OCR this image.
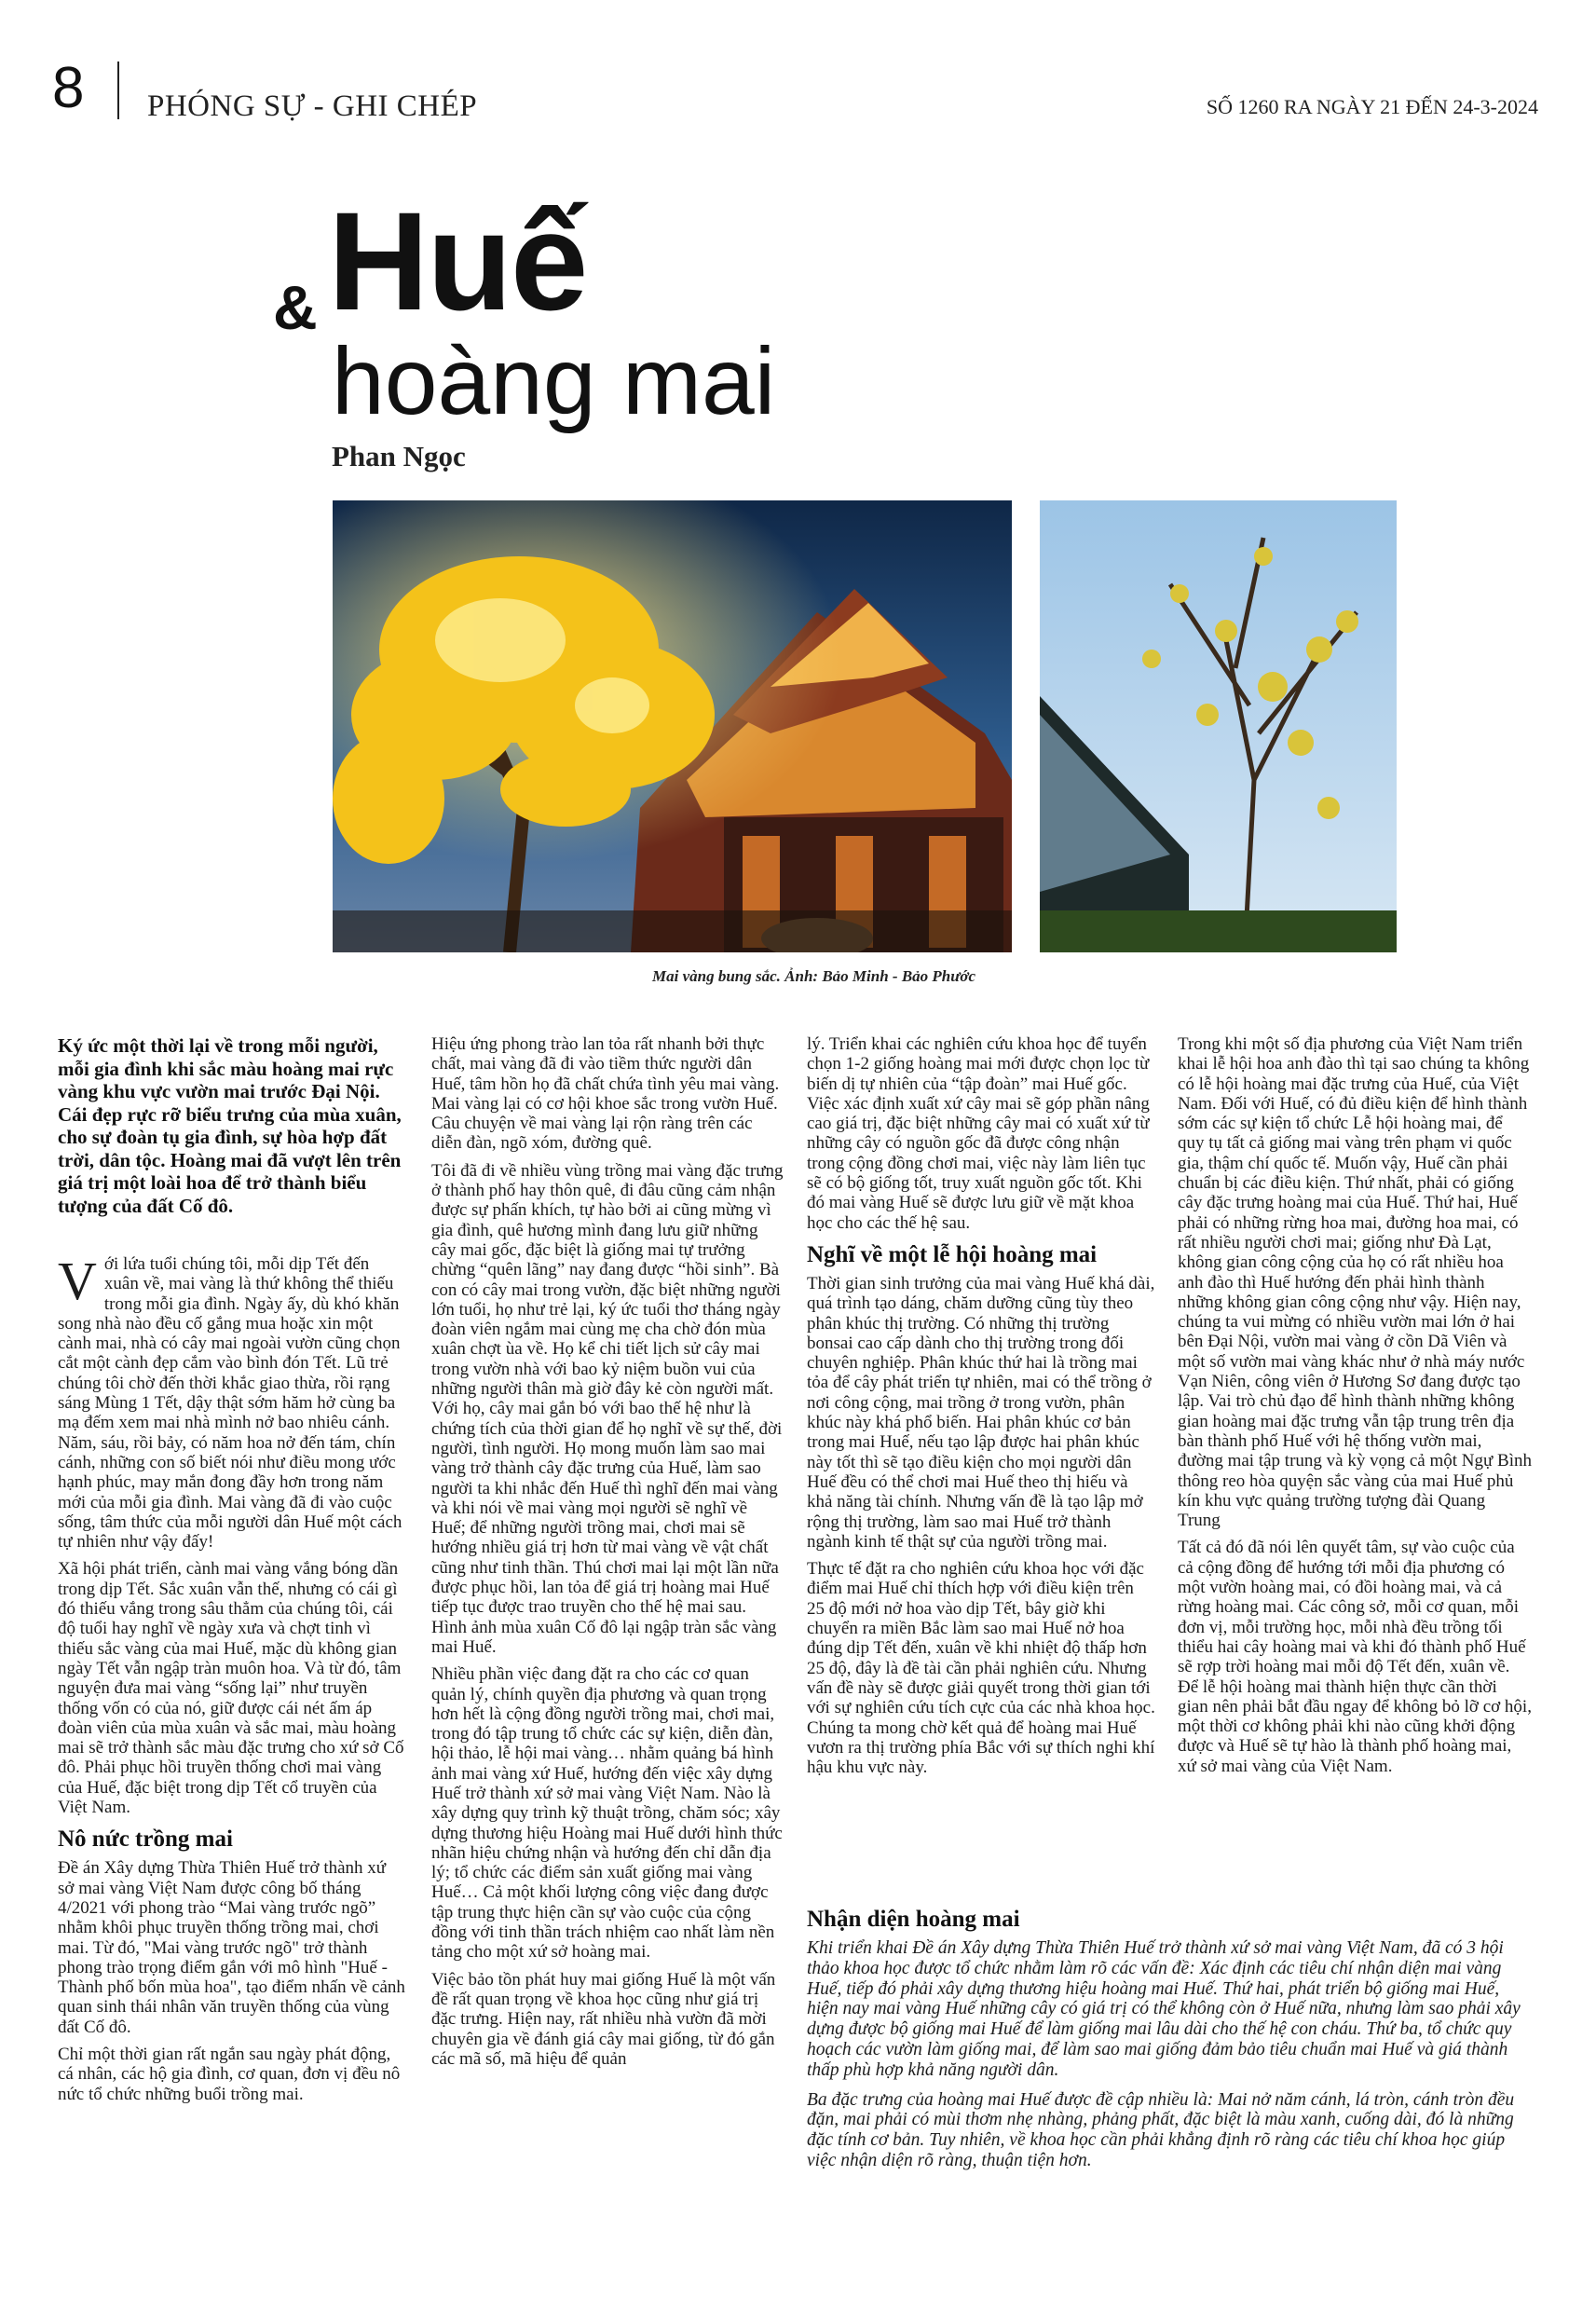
8 PHÓNG SỰ - GHI CHÉP	SỐ 1260 RA NGÀY 21 ĐẾN 24-3-2024
Huế
&
hoàng mai
Phan Ngọc
Mai vàng bung sắc. Ảnh: Bảo Minh - Bảo Phước

Ký ức một thời lại về trong mỗi người, mỗi gia đình khi sắc màu hoàng mai rực vàng khu vực vườn mai trước Đại Nội. Cái đẹp rực rỡ biểu trưng của mùa xuân, cho sự đoàn tụ gia đình, sự hòa hợp đất trời, dân tộc. Hoàng mai đã vượt lên trên giá trị một loài hoa để trở thành biểu tượng của đất Cố đô.

Với lứa tuổi chúng tôi, mỗi dịp Tết đến xuân về, mai vàng là thứ không thể thiếu trong mỗi gia đình. Ngày ấy, dù khó khăn song nhà nào đều cố gắng mua hoặc xin một cành mai, nhà có cây mai ngoài vườn cũng chọn cắt một cành đẹp cắm vào bình đón Tết. Lũ trẻ chúng tôi chờ đến thời khắc giao thừa, rồi rạng sáng Mùng 1 Tết, dậy thật sớm hăm hở cùng ba mạ đếm xem mai nhà mình nở bao nhiêu cánh. Năm, sáu, rồi bảy, có năm hoa nở đến tám, chín cánh, những con số biết nói như điều mong ước hạnh phúc, may mắn đong đầy hơn trong năm mới của mỗi gia đình. Mai vàng đã đi vào cuộc sống, tâm thức của mỗi người dân Huế một cách tự nhiên như vậy đấy!

Xã hội phát triển, cành mai vàng vắng bóng dần trong dịp Tết. Sắc xuân vẫn thế, nhưng có cái gì đó thiếu vắng trong sâu thẳm của chúng tôi, cái độ tuổi hay nghĩ về ngày xưa và chợt tinh vì thiếu sắc vàng của mai Huế, mặc dù không gian ngày Tết vẫn ngập tràn muôn hoa. Và từ đó, tâm nguyện đưa mai vàng “sống lại” như truyền thống vốn có của nó, giữ được cái nét ấm áp đoàn viên của mùa xuân và sắc mai, màu hoàng mai sẽ trở thành sắc màu đặc trưng cho xứ sở Cố đô. Phải phục hồi truyền thống chơi mai vàng của Huế, đặc biệt trong dịp Tết cổ truyền của Việt Nam.

Nô nức trồng mai

Đề án Xây dựng Thừa Thiên Huế trở thành xứ sở mai vàng Việt Nam được công bố tháng 4/2021 với phong trào “Mai vàng trước ngõ” nhằm khôi phục truyền thống trồng mai, chơi mai. Từ đó, "Mai vàng trước ngõ" trở thành phong trào trọng điểm gắn với mô hình "Huế - Thành phố bốn mùa hoa", tạo điểm nhấn về cảnh quan sinh thái nhân văn truyền thống của vùng đất Cố đô.

Chỉ một thời gian rất ngắn sau ngày phát động, cá nhân, các hộ gia đình, cơ quan, đơn vị đều nô nức tổ chức những buổi trồng mai.

Hiệu ứng phong trào lan tỏa rất nhanh bởi thực chất, mai vàng đã đi vào tiềm thức người dân Huế, tâm hồn họ đã chất chứa tình yêu mai vàng. Mai vàng lại có cơ hội khoe sắc trong vườn Huế. Câu chuyện về mai vàng lại rộn ràng trên các diễn đàn, ngõ xóm, đường quê.

Tôi đã đi về nhiều vùng trồng mai vàng đặc trưng ở thành phố hay thôn quê, đi đâu cũng cảm nhận được sự phấn khích, tự hào bởi ai cũng mừng vì gia đình, quê hương mình đang lưu giữ những cây mai gốc, đặc biệt là giống mai tự trưởng chừng “quên lãng” nay đang được “hồi sinh”. Bà con có cây mai trong vườn, đặc biệt những người lớn tuổi, họ như trẻ lại, ký ức tuổi thơ tháng ngày đoàn viên ngắm mai cùng mẹ cha chờ đón mùa xuân chợt ùa về. Họ kể chi tiết lịch sử cây mai trong vườn nhà với bao kỷ niệm buồn vui của những người thân mà giờ đây kẻ còn người mất. Với họ, cây mai gắn bó với bao thế hệ như là chứng tích của thời gian để họ nghĩ về sự thế, đời người, tình người. Họ mong muốn làm sao mai vàng trở thành cây đặc trưng của Huế, làm sao người ta khi nhắc đến Huế thì nghĩ đến mai vàng và khi nói về mai vàng mọi người sẽ nghĩ về Huế; để những người trồng mai, chơi mai sẽ hướng nhiều giá trị hơn từ mai vàng về vật chất cũng như tinh thần. Thú chơi mai lại một lần nữa được phục hồi, lan tỏa để giá trị hoàng mai Huế tiếp tục được trao truyền cho thế hệ mai sau. Hình ảnh mùa xuân Cố đô lại ngập tràn sắc vàng mai Huế.

Nhiều phần việc đang đặt ra cho các cơ quan quản lý, chính quyền địa phương và quan trọng hơn hết là cộng đồng người trồng mai, chơi mai, trong đó tập trung tổ chức các sự kiện, diễn đàn, hội thảo, lễ hội mai vàng… nhằm quảng bá hình ảnh mai vàng xứ Huế, hướng đến việc xây dựng Huế trở thành xứ sở mai vàng Việt Nam. Nào là xây dựng quy trình kỹ thuật trồng, chăm sóc; xây dựng thương hiệu Hoàng mai Huế dưới hình thức nhãn hiệu chứng nhận và hướng đến chỉ dẫn địa lý; tổ chức các điểm sản xuất giống mai vàng Huế… Cả một khối lượng công việc đang được tập trung thực hiện cần sự vào cuộc của cộng đồng với tinh thần trách nhiệm cao nhất làm nền tảng cho một xứ sở hoàng mai.

Việc bảo tồn phát huy mai giống Huế là một vấn đề rất quan trọng về khoa học cũng như giá trị đặc trưng. Hiện nay, rất nhiều nhà vườn đã mời chuyên gia về đánh giá cây mai giống, từ đó gắn các mã số, mã hiệu để quản

lý. Triển khai các nghiên cứu khoa học để tuyển chọn 1-2 giống hoàng mai mới được chọn lọc từ biến dị tự nhiên của “tập đoàn” mai Huế gốc. Việc xác định xuất xứ cây mai sẽ góp phần nâng cao giá trị, đặc biệt những cây mai có xuất xứ từ những cây có nguồn gốc đã được công nhận trong cộng đồng chơi mai, việc này làm liên tục sẽ có bộ giống tốt, truy xuất nguồn gốc tốt. Khi đó mai vàng Huế sẽ được lưu giữ về mặt khoa học cho các thế hệ sau.

Nghĩ về một lễ hội hoàng mai

Thời gian sinh trưởng của mai vàng Huế khá dài, quá trình tạo dáng, chăm dưỡng cũng tùy theo phân khúc thị trường. Có những thị trường bonsai cao cấp dành cho thị trường trong đối chuyên nghiệp. Phân khúc thứ hai là trồng mai tỏa để cây phát triển tự nhiên, mai có thể trồng ở nơi công cộng, mai trồng ở trong vườn, phân khúc này khá phổ biến. Hai phân khúc cơ bản trong mai Huế, nếu tạo lập được hai phân khúc này tốt thì sẽ tạo điều kiện cho mọi người dân Huế đều có thể chơi mai Huế theo thị hiếu và khả năng tài chính. Nhưng vấn đề là tạo lập mở rộng thị trường, làm sao mai Huế trở thành ngành kinh tế thật sự của người trồng mai.

Thực tế đặt ra cho nghiên cứu khoa học với đặc điểm mai Huế chỉ thích hợp với điều kiện trên 25 độ mới nở hoa vào dịp Tết, bây giờ khi chuyển ra miền Bắc làm sao mai Huế nở hoa đúng dịp Tết đến, xuân về khi nhiệt độ thấp hơn 25 độ, đây là đề tài cần phải nghiên cứu. Nhưng vấn đề này sẽ được giải quyết trong thời gian tới với sự nghiên cứu tích cực của các nhà khoa học. Chúng ta mong chờ kết quả để hoàng mai Huế vươn ra thị trường phía Bắc với sự thích nghi khí hậu khu vực này.

Trong khi một số địa phương của Việt Nam triển khai lễ hội hoa anh đào thì tại sao chúng ta không có lễ hội hoàng mai đặc trưng của Huế, của Việt Nam. Đối với Huế, có đủ điều kiện để hình thành sớm các sự kiện tổ chức Lễ hội hoàng mai, để quy tụ tất cả giống mai vàng trên phạm vi quốc gia, thậm chí quốc tế. Muốn vậy, Huế cần phải chuẩn bị các điều kiện. Thứ nhất, phải có giống cây đặc trưng hoàng mai của Huế. Thứ hai, Huế phải có những rừng hoa mai, đường hoa mai, có rất nhiều người chơi mai; giống như Đà Lạt, không gian công cộng của họ có rất nhiều hoa anh đào thì Huế hướng đến phải hình thành những không gian công cộng như vậy. Hiện nay, chúng ta vui mừng có nhiều vườn mai lớn ở hai bên Đại Nội, vườn mai vàng ở cồn Dã Viên và một số vườn mai vàng khác như ở nhà máy nước Vạn Niên, công viên ở Hương Sơ đang được tạo lập. Vai trò chủ đạo để hình thành những không gian hoàng mai đặc trưng vẫn tập trung trên địa bàn thành phố Huế với hệ thống vườn mai, đường mai tập trung và kỳ vọng cả một Ngự Bình thông reo hòa quyện sắc vàng của mai Huế phủ kín khu vực quảng trường tượng đài Quang Trung

Tất cả đó đã nói lên quyết tâm, sự vào cuộc của cả cộng đồng để hướng tới mỗi địa phương có một vườn hoàng mai, có đồi hoàng mai, và cả rừng hoàng mai. Các công sở, mỗi cơ quan, mỗi đơn vị, mỗi trường học, mỗi nhà đều trồng tối thiểu hai cây hoàng mai và khi đó thành phố Huế sẽ rợp trời hoàng mai mỗi độ Tết đến, xuân về. Để lễ hội hoàng mai thành hiện thực cần thời gian nên phải bắt đầu ngay để không bỏ lỡ cơ hội, một thời cơ không phải khi nào cũng khởi động được và Huế sẽ tự hào là thành phố hoàng mai, xứ sở mai vàng của Việt Nam.

Nhận diện hoàng mai

Khi triển khai Đề án Xây dựng Thừa Thiên Huế trở thành xứ sở mai vàng Việt Nam, đã có 3 hội thảo khoa học được tổ chức nhằm làm rõ các vấn đề: Xác định các tiêu chí nhận diện mai vàng Huế, tiếp đó phải xây dựng thương hiệu hoàng mai Huế. Thứ hai, phát triển bộ giống mai Huế, hiện nay mai vàng Huế những cây có giá trị có thể không còn ở Huế nữa, nhưng làm sao phải xây dựng được bộ giống mai Huế để làm giống mai lâu dài cho thế hệ con cháu. Thứ ba, tổ chức quy hoạch các vườn làm giống mai, để làm sao mai giống đảm bảo tiêu chuẩn mai Huế và giá thành thấp phù hợp khả năng người dân.

Ba đặc trưng của hoàng mai Huế được đề cập nhiều là: Mai nở năm cánh, lá tròn, cánh tròn đều đặn, mai phải có mùi thơm nhẹ nhàng, phảng phất, đặc biệt là màu xanh, cuống dài, đó là những đặc tính cơ bản. Tuy nhiên, về khoa học cần phải khẳng định rõ ràng các tiêu chí khoa học giúp việc nhận diện rõ ràng, thuận tiện hơn.
